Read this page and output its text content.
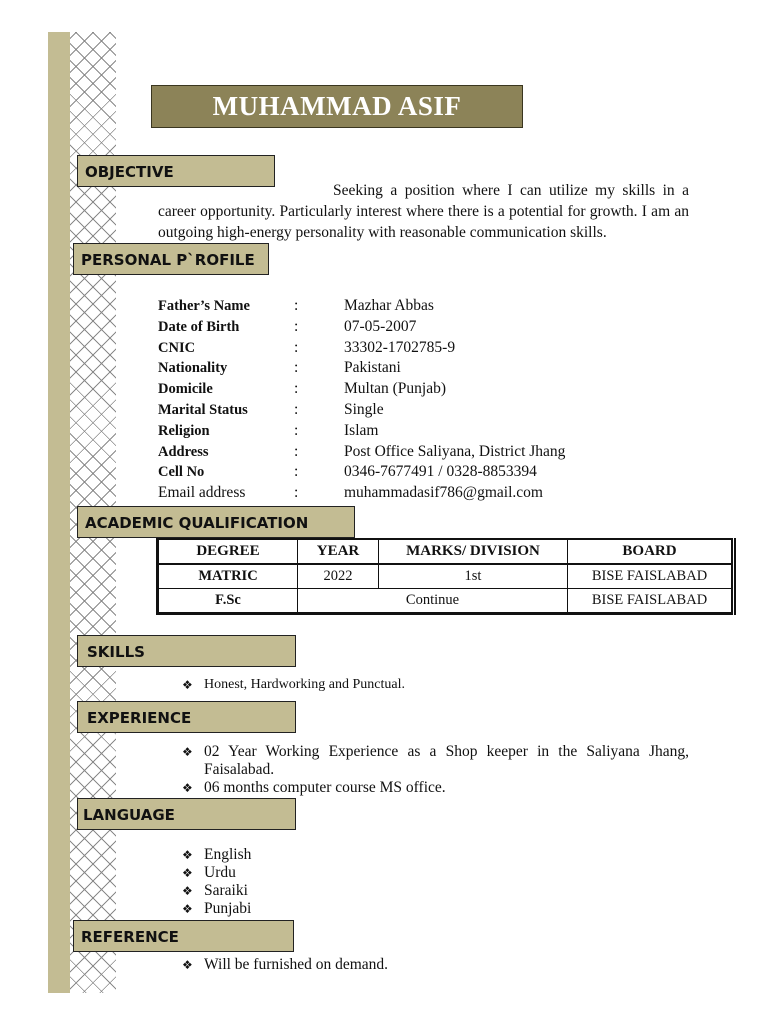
MUHAMMAD ASIF
OBJECTIVE
Seeking a position where I can utilize my skills in a career opportunity. Particularly interest where there is a potential for growth. I am an outgoing high-energy personality with reasonable communication skills.
PERSONAL P`ROFILE
Father’s Name	:	Mazhar Abbas
Date of Birth	:	07-05-2007
CNIC	:	33302-1702785-9
Nationality	:	Pakistani
Domicile	:	Multan (Punjab)
Marital Status	:	Single
Religion	:	Islam
Address	:	Post Office Saliyana, District Jhang
Cell No	:	0346-7677491 / 0328-8853394
Email address	:	muhammadasif786@gmail.com
ACADEMIC QUALIFICATION
DEGREE	YEAR	MARKS/ DIVISION	BOARD
MATRIC	2022	1st	BISE FAISLABAD
F.Sc	Continue		BISE FAISLABAD
SKILLS
❖ Honest, Hardworking and Punctual.
EXPERIENCE
❖ 02 Year Working Experience as a Shop keeper in the Saliyana Jhang, Faisalabad.
❖ 06 months computer course MS office.
LANGUAGE
❖ English
❖ Urdu
❖ Saraiki
❖ Punjabi
REFERENCE
❖ Will be furnished on demand.
